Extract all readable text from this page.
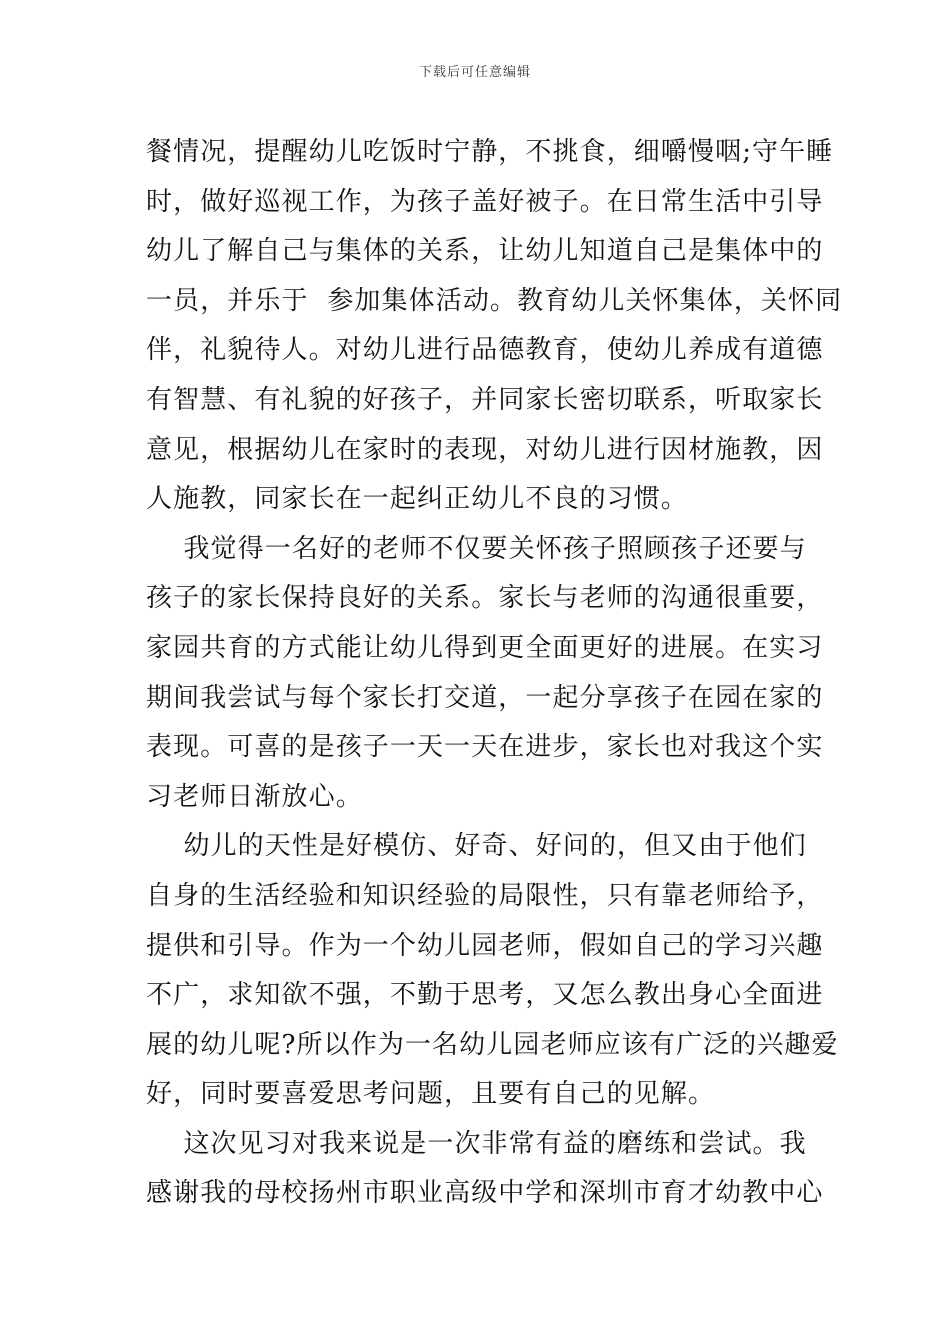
下载后可任意编辑
餐情况，提醒幼儿吃饭时宁静，不挑食，细嚼慢咽;守午睡
时，做好巡视工作，为孩子盖好被子。在日常生活中引导
幼儿了解自己与集体的关系，让幼儿知道自己是集体中的
一员，并乐于  参加集体活动。教育幼儿关怀集体，关怀同
伴，礼貌待人。对幼儿进行品德教育，使幼儿养成有道德
有智慧、有礼貌的好孩子，并同家长密切联系，听取家长
意见，根据幼儿在家时的表现，对幼儿进行因材施教，因
人施教，同家长在一起纠正幼儿不良的习惯。
我觉得一名好的老师不仅要关怀孩子照顾孩子还要与
孩子的家长保持良好的关系。家长与老师的沟通很重要，
家园共育的方式能让幼儿得到更全面更好的进展。在实习
期间我尝试与每个家长打交道，一起分享孩子在园在家的
表现。可喜的是孩子一天一天在进步，家长也对我这个实
习老师日渐放心。
幼儿的天性是好模仿、好奇、好问的，但又由于他们
自身的生活经验和知识经验的局限性，只有靠老师给予，
提供和引导。作为一个幼儿园老师，假如自己的学习兴趣
不广，求知欲不强，不勤于思考，又怎么教出身心全面进
展的幼儿呢?所以作为一名幼儿园老师应该有广泛的兴趣爱
好，同时要喜爱思考问题，且要有自己的见解。
这次见习对我来说是一次非常有益的磨练和尝试。我
感谢我的母校扬州市职业高级中学和深圳市育才幼教中心
